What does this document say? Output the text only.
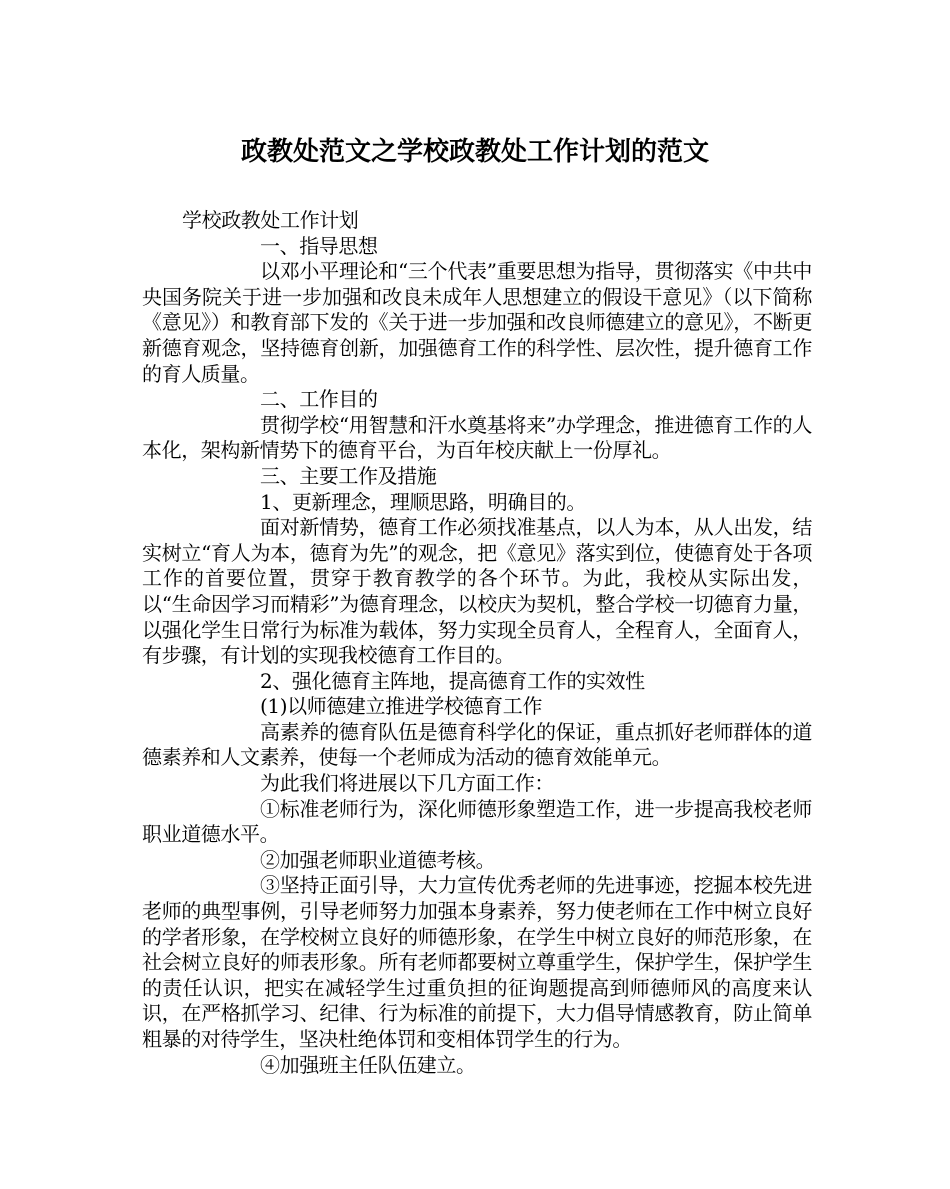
政教处范文之学校政教处工作计划的范文

学校政教处工作计划

一、指导思想

以邓小平理论和“三个代表”重要思想为指导，贯彻落实《中共中央国务院关于进一步加强和改良未成年人思想建立的假设干意见》（以下简称《意见》）和教育部下发的《关于进一步加强和改良师德建立的意见》，不断更新德育观念，坚持德育创新，加强德育工作的科学性、层次性，提升德育工作的育人质量。

二、工作目的

贯彻学校“用智慧和汗水奠基将来”办学理念，推进德育工作的人本化，架构新情势下的德育平台，为百年校庆献上一份厚礼。

三、主要工作及措施

1、更新理念，理顺思路，明确目的。

面对新情势，德育工作必须找准基点，以人为本，从人出发，结实树立“育人为本，德育为先”的观念，把《意见》落实到位，使德育处于各项工作的首要位置，贯穿于教育教学的各个环节。为此，我校从实际出发，以“生命因学习而精彩”为德育理念，以校庆为契机，整合学校一切德育力量，以强化学生日常行为标准为载体，努力实现全员育人，全程育人，全面育人，有步骤，有计划的实现我校德育工作目的。

2、强化德育主阵地，提高德育工作的实效性

(1)以师德建立推进学校德育工作

高素养的德育队伍是德育科学化的保证，重点抓好老师群体的道德素养和人文素养，使每一个老师成为活动的德育效能单元。

为此我们将进展以下几方面工作：

①标准老师行为，深化师德形象塑造工作，进一步提高我校老师职业道德水平。

②加强老师职业道德考核。

③坚持正面引导，大力宣传优秀老师的先进事迹，挖掘本校先进老师的典型事例，引导老师努力加强本身素养，努力使老师在工作中树立良好的学者形象，在学校树立良好的师德形象，在学生中树立良好的师范形象，在社会树立良好的师表形象。所有老师都要树立尊重学生，保护学生，保护学生的责任认识，把实在减轻学生过重负担的征询题提高到师德师风的高度来认识，在严格抓学习、纪律、行为标准的前提下，大力倡导情感教育，防止简单粗暴的对待学生，坚决杜绝体罚和变相体罚学生的行为。

④加强班主任队伍建立。
